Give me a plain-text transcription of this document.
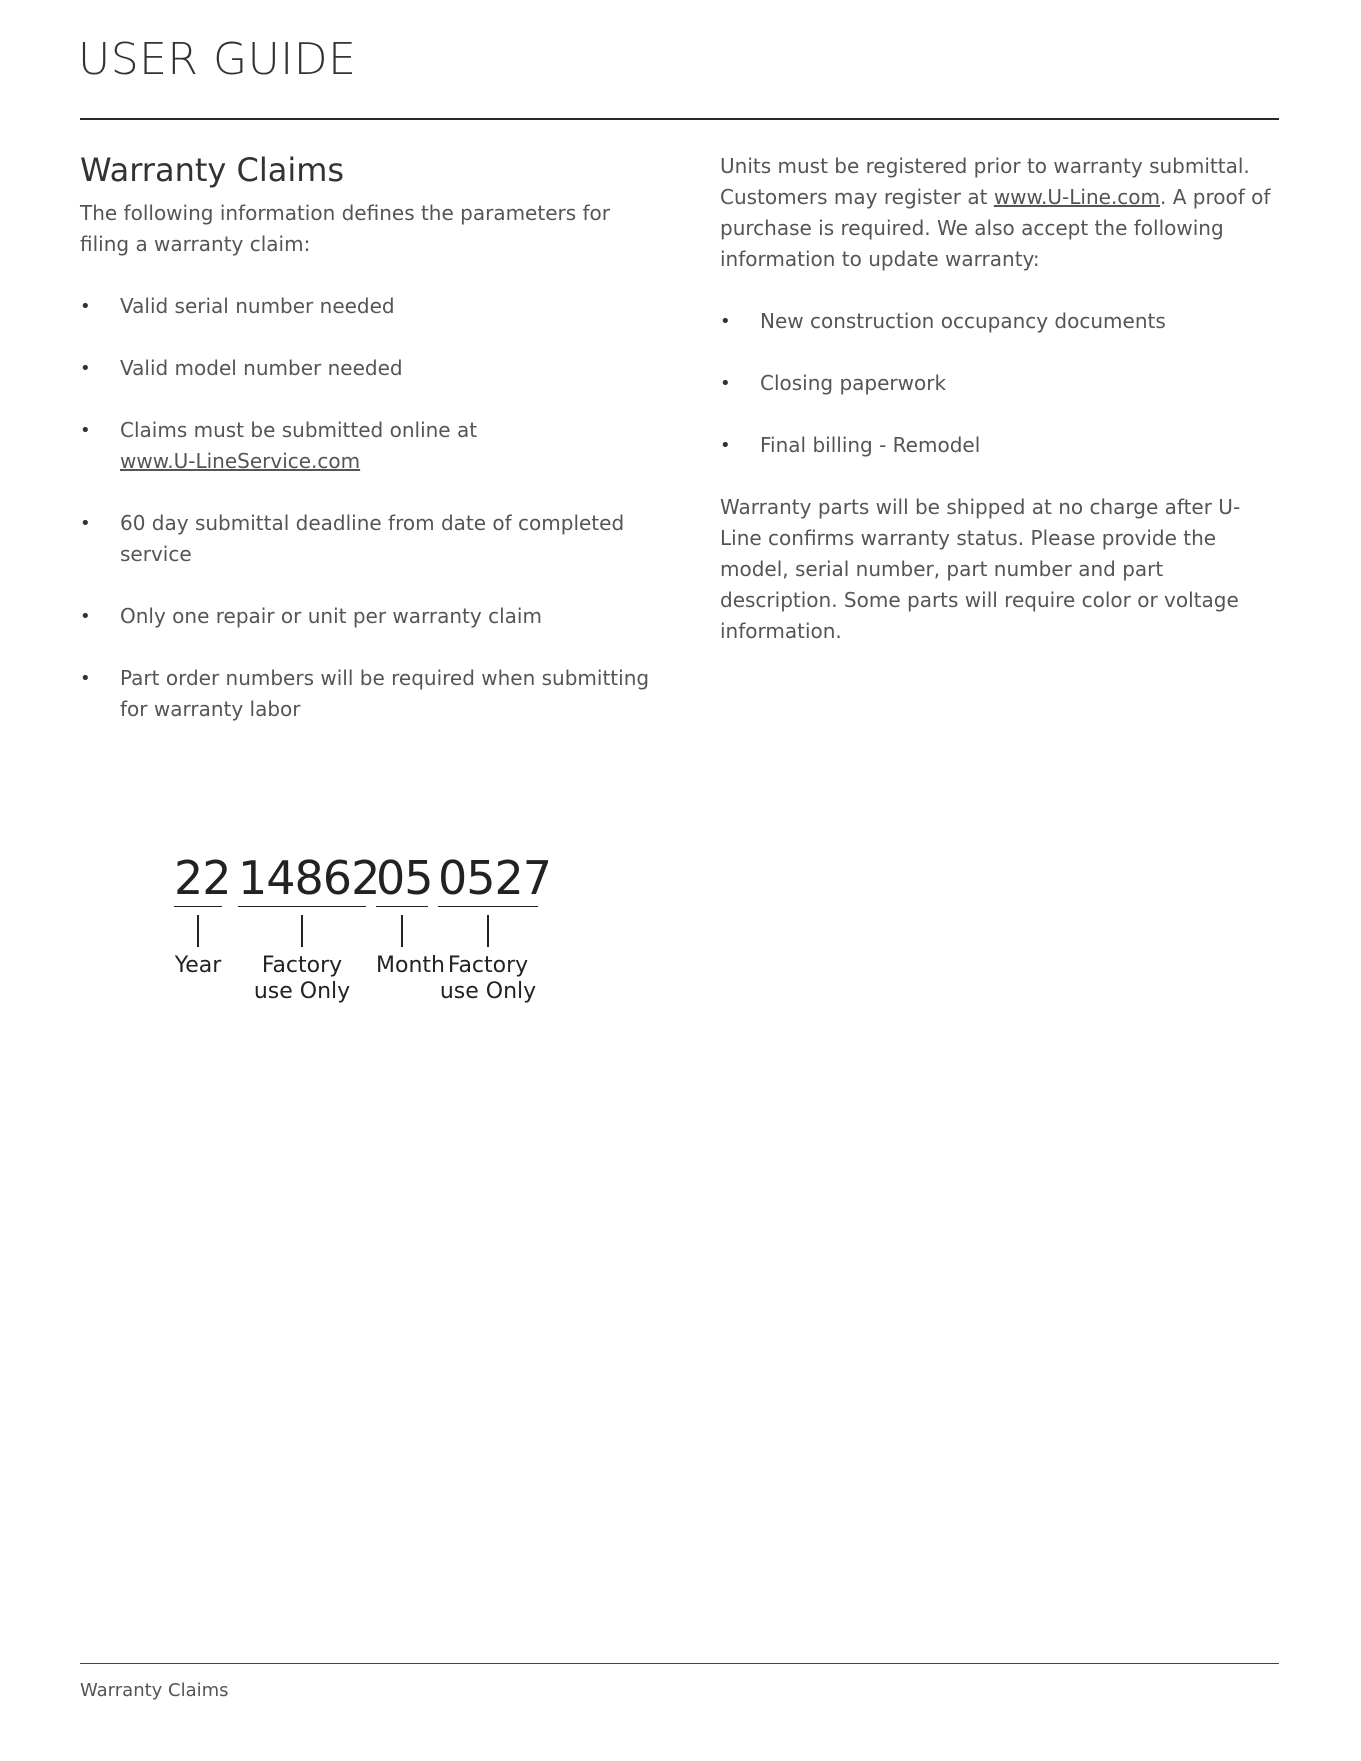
USER GUIDE
Warranty Claims

The following information defines the parameters for filing a warranty claim:

• Valid serial number needed
• Valid model number needed
• Claims must be submitted online at
www.U-LineService.com
• 60 day submittal deadline from date of completed service
• Only one repair or unit per warranty claim
• Part order numbers will be required when submitting for warranty labor

Units must be registered prior to warranty submittal. Customers may register at www.U-Line.com. A proof of purchase is required. We also accept the following information to update warranty:

• New construction occupancy documents
• Closing paperwork
• Final billing - Remodel

Warranty parts will be shipped at no charge after U-Line confirms warranty status. Please provide the model, serial number, part number and part description. Some parts will require color or voltage information.

22
Year
14862
Factory use Only
05
Month
0527
Factory use Only
Warranty Claims
